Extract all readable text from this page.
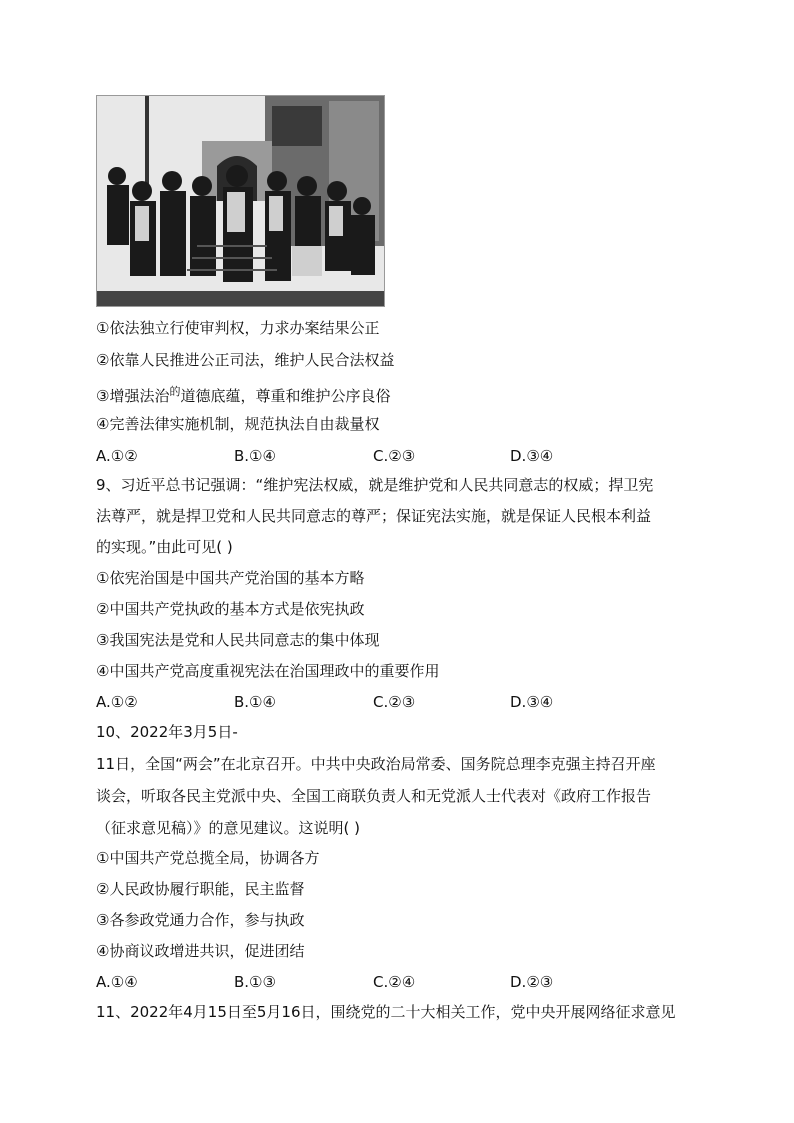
①依法独立行使审判权，力求办案结果公正
②依靠人民推进公正司法，维护人民合法权益
③增强法治$^的$道德底蕴，尊重和维护公序良俗
④完善法律实施机制，规范执法自由裁量权
A.①②	B.①④	C.②③	D.③④
9、习近平总书记强调：“维护宪法权威，就是维护党和人民共同意志的权威；捍卫宪
法尊严，就是捍卫党和人民共同意志的尊严；保证宪法实施，就是保证人民根本利益
的实现。”由此可见( )
①依宪治国是中国共产党治国的基本方略
②中国共产党执政的基本方式是依宪执政
③我国宪法是党和人民共同意志的集中体现
④中国共产党高度重视宪法在治国理政中的重要作用
A.①②	B.①④	C.②③	D.③④
10、2022年3月5日-
11日，全国“两会”在北京召开。中共中央政治局常委、国务院总理李克强主持召开座
谈会，听取各民主党派中央、全国工商联负责人和无党派人士代表对《政府工作报告
（征求意见稿）》的意见建议。这说明( )
①中国共产党总揽全局，协调各方
②人民政协履行职能，民主监督
③各参政党通力合作，参与执政
④协商议政增进共识，促进团结
A.①④	B.①③	C.②④	D.②③
11、2022年4月15日至5月16日，围绕党的二十大相关工作，党中央开展网络征求意见
